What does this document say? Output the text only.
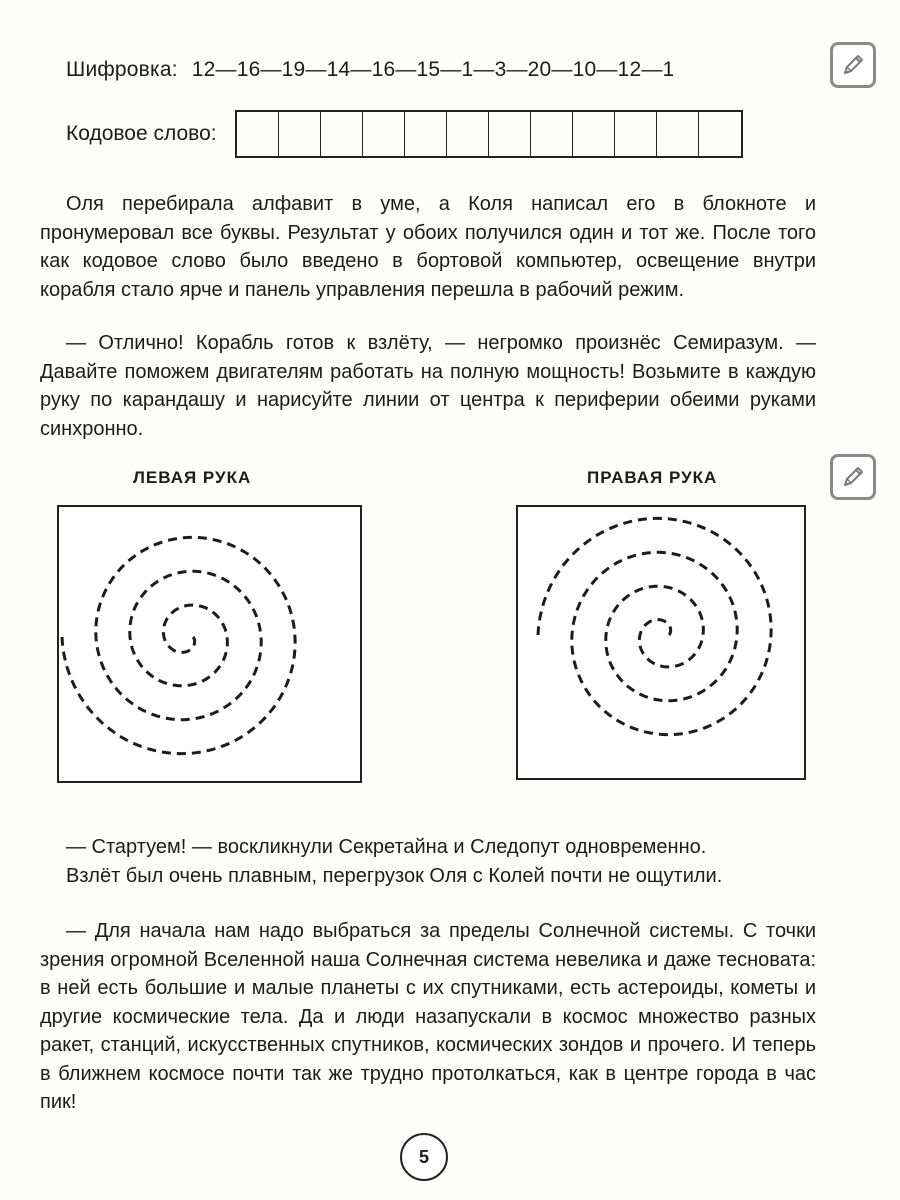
Шифровка: 12—16—19—14—16—15—1—3—20—10—12—1
Кодовое слово:
Оля перебирала алфавит в уме, а Коля написал его в блокноте и пронумеровал все буквы. Результат у обоих получился один и тот же. После того как кодовое слово было введено в бортовой компьютер, освещение внутри корабля стало ярче и панель управления перешла в рабочий режим.
— Отлично! Корабль готов к взлёту, — негромко произнёс Семиразум. — Давайте поможем двигателям работать на полную мощность! Возьмите в каждую руку по карандашу и нарисуйте линии от центра к периферии обеими руками синхронно.
ЛЕВАЯ РУКА	ПРАВАЯ РУКА
— Стартуем! — воскликнули Секретайна и Следопут одновременно.
Взлёт был очень плавным, перегрузок Оля с Колей почти не ощутили.
— Для начала нам надо выбраться за пределы Солнечной системы. С точки зрения огромной Вселенной наша Солнечная система невелика и даже тесновата: в ней есть большие и малые планеты с их спутниками, есть астероиды, кометы и другие космические тела. Да и люди назапускали в космос множество разных ракет, станций, искусственных спутников, космических зондов и прочего. И теперь в ближнем космосе почти так же трудно протолкаться, как в центре города в час пик!
5
